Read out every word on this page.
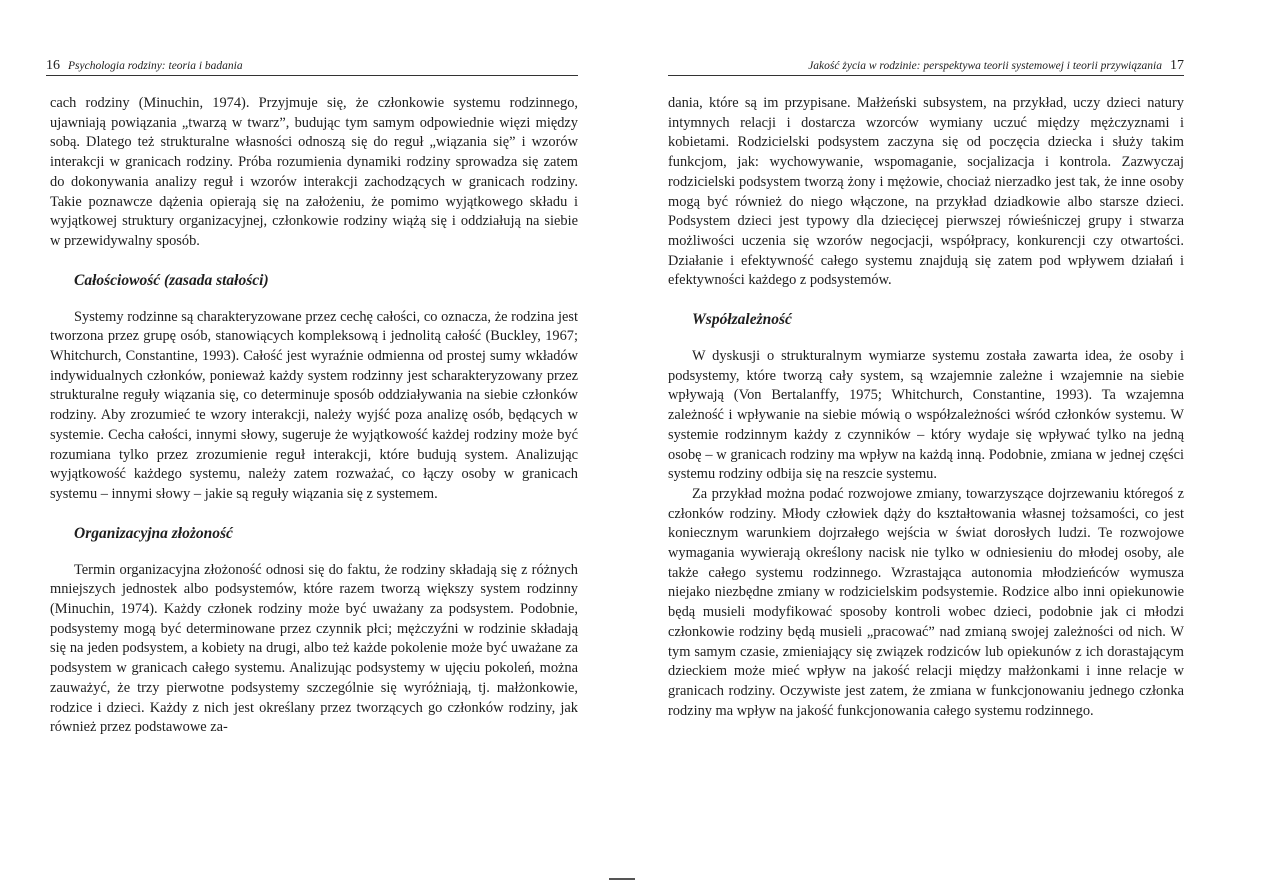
16 Psychologia rodziny: teoria i badania

cach rodziny (Minuchin, 1974). Przyjmuje się, że członkowie systemu rodzinnego, ujawniają powiązania „twarzą w twarz”, budując tym samym odpowiednie więzi między sobą. Dlatego też strukturalne własności odnoszą się do reguł „wiązania się” i wzorów interakcji w granicach rodziny. Próba rozumienia dynamiki rodziny sprowadza się zatem do dokonywania analizy reguł i wzorów interakcji zachodzących w granicach rodziny. Takie poznawcze dążenia opierają się na założeniu, że pomimo wyjątkowego składu i wyjątkowej struktury organizacyjnej, członkowie rodziny wiążą się i oddziałują na siebie w przewidywalny sposób.

Całościowość (zasada stałości)

Systemy rodzinne są charakteryzowane przez cechę całości, co oznacza, że rodzina jest tworzona przez grupę osób, stanowiących kompleksową i jednolitą całość (Buckley, 1967; Whitchurch, Constantine, 1993). Całość jest wyraźnie odmienna od prostej sumy wkładów indywidualnych członków, ponieważ każdy system rodzinny jest scharakteryzowany przez strukturalne reguły wiązania się, co determinuje sposób oddziaływania na siebie członków rodziny. Aby zrozumieć te wzory interakcji, należy wyjść poza analizę osób, będących w systemie. Cecha całości, innymi słowy, sugeruje że wyjątkowość każdej rodziny może być rozumiana tylko przez zrozumienie reguł interakcji, które budują system. Analizując wyjątkowość każdego systemu, należy zatem rozważać, co łączy osoby w granicach systemu – innymi słowy – jakie są reguły wiązania się z systemem.

Organizacyjna złożoność

Termin organizacyjna złożoność odnosi się do faktu, że rodziny składają się z różnych mniejszych jednostek albo podsystemów, które razem tworzą większy system rodzinny (Minuchin, 1974). Każdy członek rodziny może być uważany za podsystem. Podobnie, podsystemy mogą być determinowane przez czynnik płci; mężczyźni w rodzinie składają się na jeden podsystem, a kobiety na drugi, albo też każde pokolenie może być uważane za podsystem w granicach całego systemu. Analizując podsystemy w ujęciu pokoleń, można zauważyć, że trzy pierwotne podsystemy szczególnie się wyróżniają, tj. małżonkowie, rodzice i dzieci. Każdy z nich jest określany przez tworzących go członków rodziny, jak również przez podstawowe za-

Jakość życia w rodzinie: perspektywa teorii systemowej i teorii przywiązania 17

dania, które są im przypisane. Małżeński subsystem, na przykład, uczy dzieci natury intymnych relacji i dostarcza wzorców wymiany uczuć między mężczyznami i kobietami. Rodzicielski podsystem zaczyna się od poczęcia dziecka i służy takim funkcjom, jak: wychowywanie, wspomaganie, socjalizacja i kontrola. Zazwyczaj rodzicielski podsystem tworzą żony i mężowie, chociaż nierzadko jest tak, że inne osoby mogą być również do niego włączone, na przykład dziadkowie albo starsze dzieci. Podsystem dzieci jest typowy dla dziecięcej pierwszej rówieśniczej grupy i stwarza możliwości uczenia się wzorów negocjacji, współpracy, konkurencji czy otwartości. Działanie i efektywność całego systemu znajdują się zatem pod wpływem działań i efektywności każdego z podsystemów.

Współzależność

W dyskusji o strukturalnym wymiarze systemu została zawarta idea, że osoby i podsystemy, które tworzą cały system, są wzajemnie zależne i wzajemnie na siebie wpływają (Von Bertalanffy, 1975; Whitchurch, Constantine, 1993). Ta wzajemna zależność i wpływanie na siebie mówią o współzależności wśród członków systemu. W systemie rodzinnym każdy z czynników – który wydaje się wpływać tylko na jedną osobę – w granicach rodziny ma wpływ na każdą inną. Podobnie, zmiana w jednej części systemu rodziny odbija się na reszcie systemu.

Za przykład można podać rozwojowe zmiany, towarzyszące dojrzewaniu któregoś z członków rodziny. Młody człowiek dąży do kształtowania własnej tożsamości, co jest koniecznym warunkiem dojrzałego wejścia w świat dorosłych ludzi. Te rozwojowe wymagania wywierają określony nacisk nie tylko w odniesieniu do młodej osoby, ale także całego systemu rodzinnego. Wzrastająca autonomia młodzieńców wymusza niejako niezbędne zmiany w rodzicielskim podsystemie. Rodzice albo inni opiekunowie będą musieli modyfikować sposoby kontroli wobec dzieci, podobnie jak ci młodzi członkowie rodziny będą musieli „pracować” nad zmianą swojej zależności od nich. W tym samym czasie, zmieniający się związek rodziców lub opiekunów z ich dorastającym dzieckiem może mieć wpływ na jakość relacji między małżonkami i inne relacje w granicach rodziny. Oczywiste jest zatem, że zmiana w funkcjonowaniu jednego członka rodziny ma wpływ na jakość funkcjonowania całego systemu rodzinnego.
